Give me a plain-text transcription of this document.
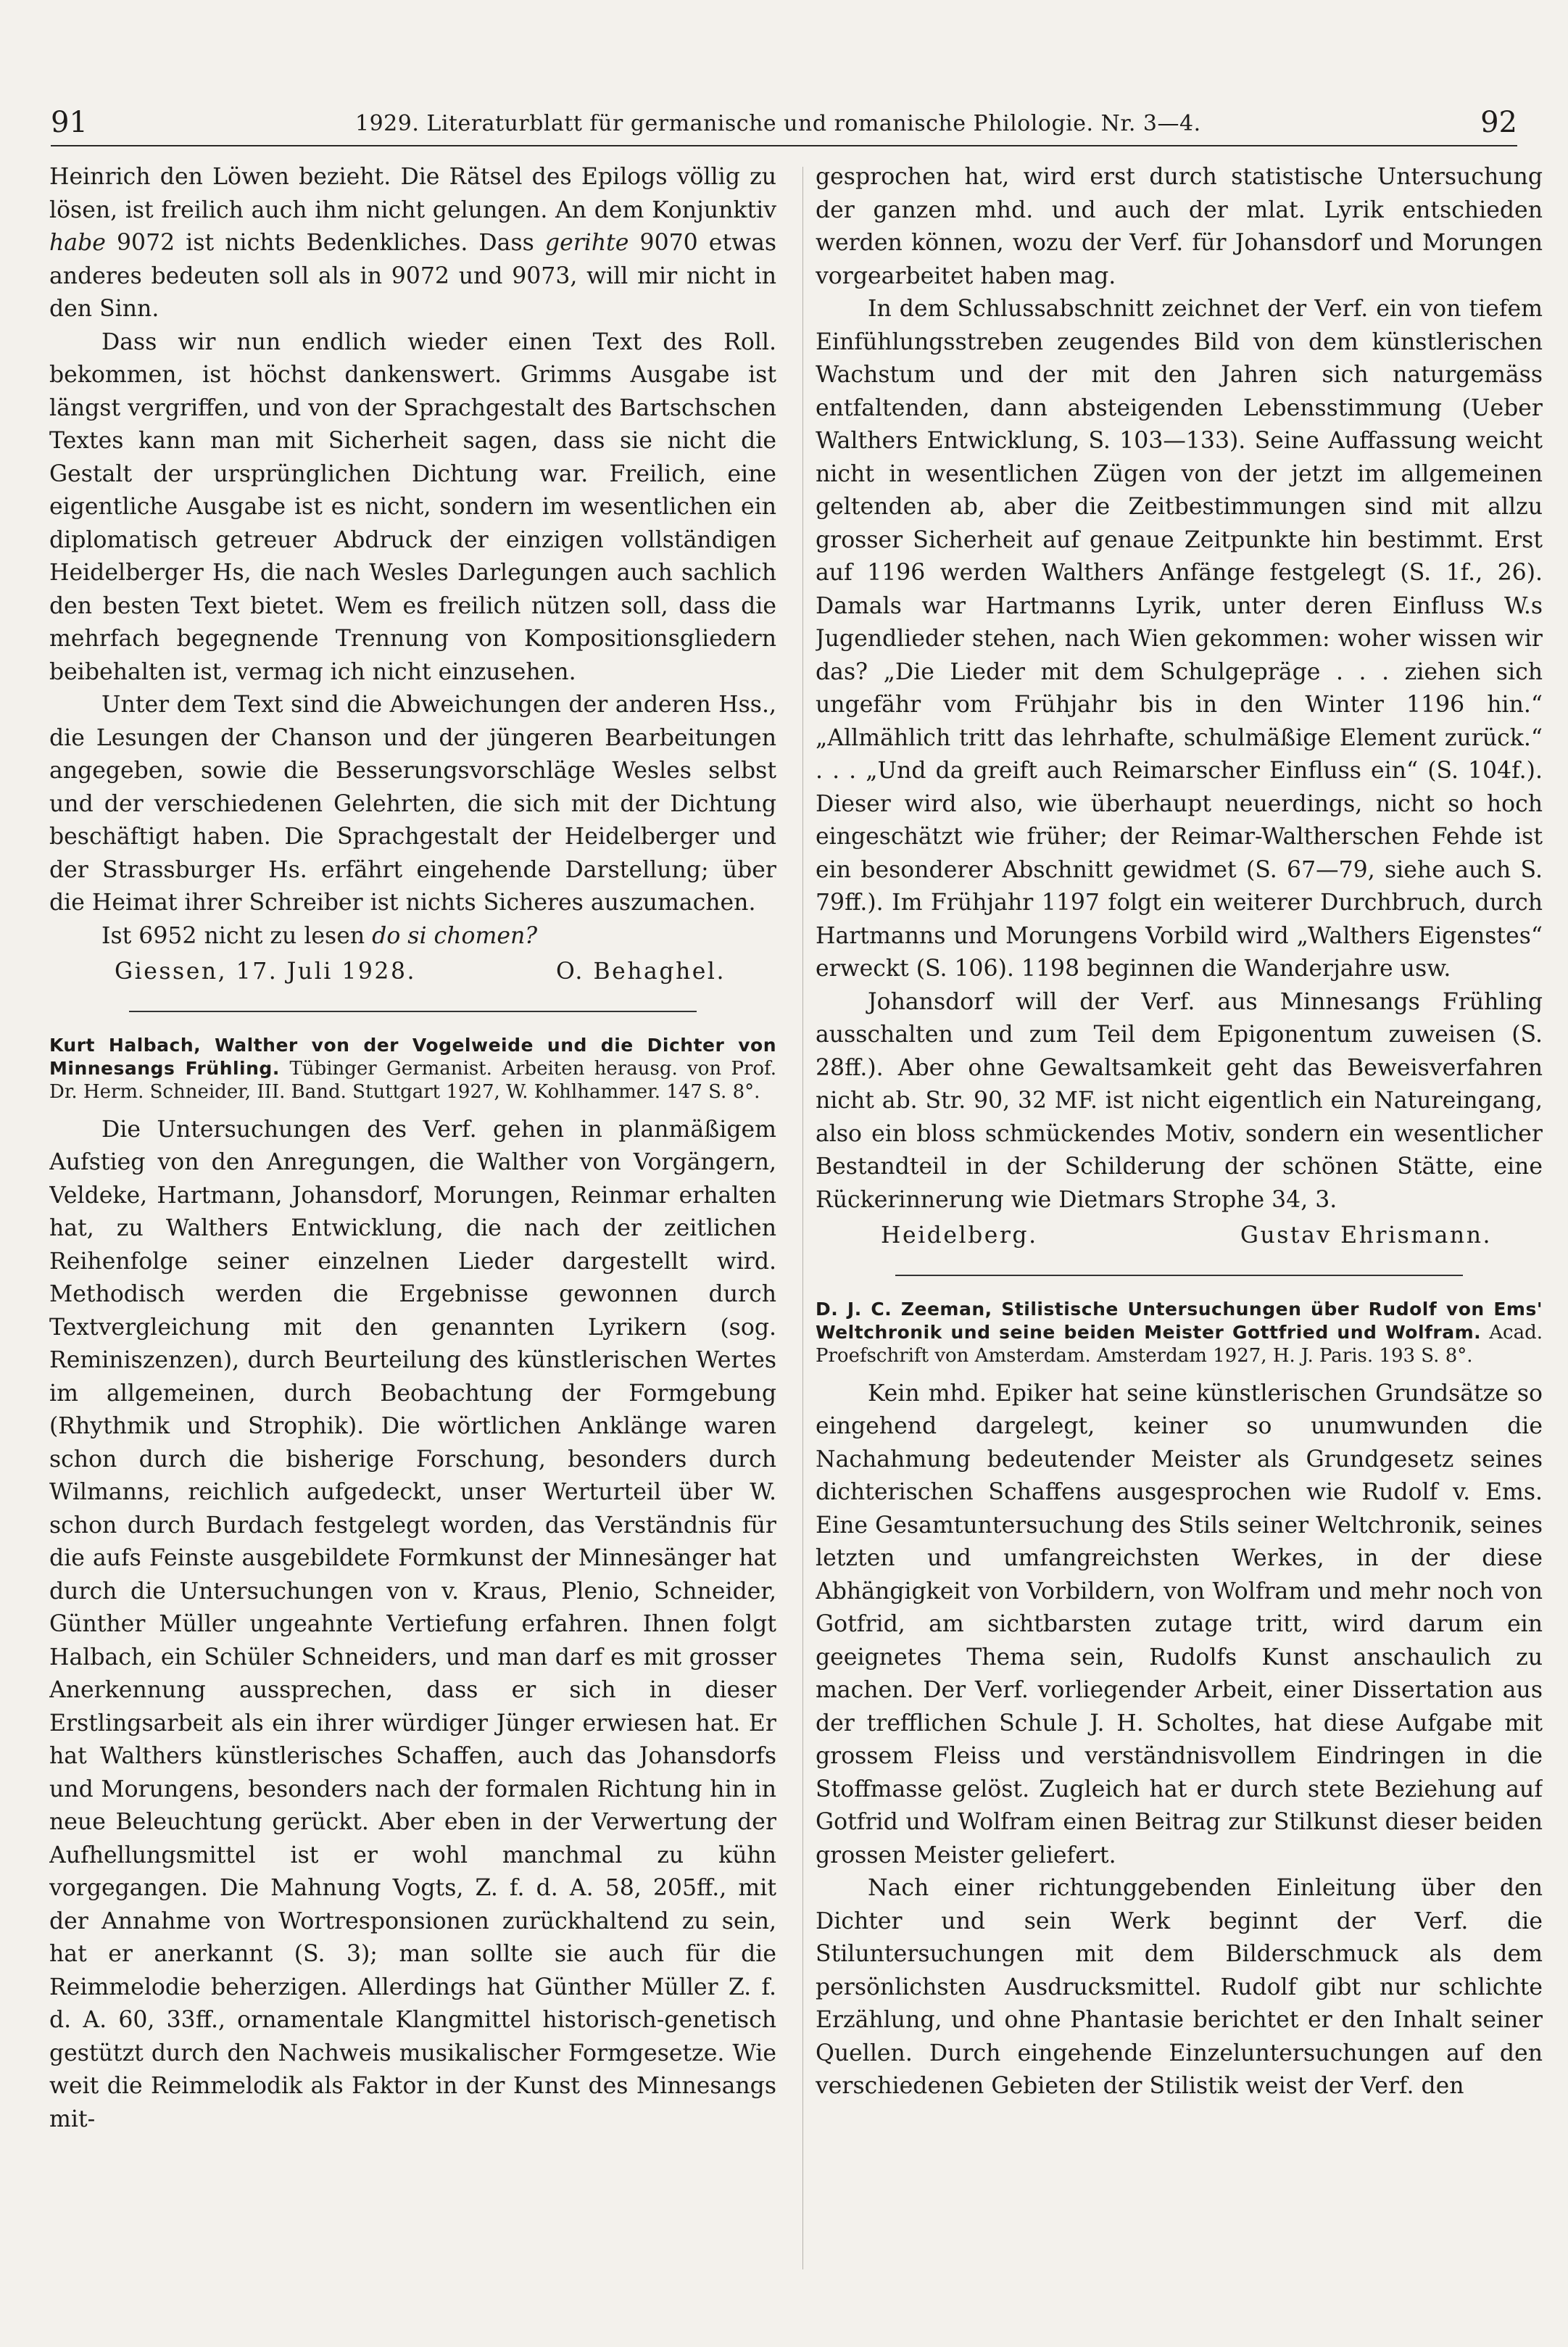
91	1929. Literaturblatt für germanische und romanische Philologie. Nr. 3—4.	92

Heinrich den Löwen bezieht. Die Rätsel des Epilogs völlig zu lösen, ist freilich auch ihm nicht gelungen. An dem Konjunktiv habe 9072 ist nichts Bedenkliches. Dass gerihte 9070 etwas anderes bedeuten soll als in 9072 und 9073, will mir nicht in den Sinn.

Dass wir nun endlich wieder einen Text des Roll. bekommen, ist höchst dankenswert. Grimms Ausgabe ist längst vergriffen, und von der Sprachgestalt des Bartschschen Textes kann man mit Sicherheit sagen, dass sie nicht die Gestalt der ursprünglichen Dichtung war. Freilich, eine eigentliche Ausgabe ist es nicht, sondern im wesentlichen ein diplomatisch getreuer Abdruck der einzigen vollständigen Heidelberger Hs, die nach Wesles Darlegungen auch sachlich den besten Text bietet. Wem es freilich nützen soll, dass die mehrfach begegnende Trennung von Kompositionsgliedern beibehalten ist, vermag ich nicht einzusehen.

Unter dem Text sind die Abweichungen der anderen Hss., die Lesungen der Chanson und der jüngeren Bearbeitungen angegeben, sowie die Besserungsvorschläge Wesles selbst und der verschiedenen Gelehrten, die sich mit der Dichtung beschäftigt haben. Die Sprachgestalt der Heidelberger und der Strassburger Hs. erfährt eingehende Darstellung; über die Heimat ihrer Schreiber ist nichts Sicheres auszumachen.

Ist 6952 nicht zu lesen do si chomen?

Giessen, 17. Juli 1928.	O. Behaghel.

Kurt Halbach, Walther von der Vogelweide und die Dichter von Minnesangs Frühling. Tübinger Germanist. Arbeiten herausg. von Prof. Dr. Herm. Schneider, III. Band. Stuttgart 1927, W. Kohlhammer. 147 S. 8°.

Die Untersuchungen des Verf. gehen in planmäßigem Aufstieg von den Anregungen, die Walther von Vorgängern, Veldeke, Hartmann, Johansdorf, Morungen, Reinmar erhalten hat, zu Walthers Entwicklung, die nach der zeitlichen Reihenfolge seiner einzelnen Lieder dargestellt wird. Methodisch werden die Ergebnisse gewonnen durch Textvergleichung mit den genannten Lyrikern (sog. Reminiszenzen), durch Beurteilung des künstlerischen Wertes im allgemeinen, durch Beobachtung der Formgebung (Rhythmik und Strophik). Die wörtlichen Anklänge waren schon durch die bisherige Forschung, besonders durch Wilmanns, reichlich aufgedeckt, unser Werturteil über W. schon durch Burdach festgelegt worden, das Verständnis für die aufs Feinste ausgebildete Formkunst der Minnesänger hat durch die Untersuchungen von v. Kraus, Plenio, Schneider, Günther Müller ungeahnte Vertiefung erfahren. Ihnen folgt Halbach, ein Schüler Schneiders, und man darf es mit grosser Anerkennung aussprechen, dass er sich in dieser Erstlingsarbeit als ein ihrer würdiger Jünger erwiesen hat. Er hat Walthers künstlerisches Schaffen, auch das Johansdorfs und Morungens, besonders nach der formalen Richtung hin in neue Beleuchtung gerückt. Aber eben in der Verwertung der Aufhellungsmittel ist er wohl manchmal zu kühn vorgegangen. Die Mahnung Vogts, Z. f. d. A. 58, 205ff., mit der Annahme von Wortresponsionen zurückhaltend zu sein, hat er anerkannt (S. 3); man sollte sie auch für die Reimmelodie beherzigen. Allerdings hat Günther Müller Z. f. d. A. 60, 33ff., ornamentale Klangmittel historisch-genetisch gestützt durch den Nachweis musikalischer Formgesetze. Wie weit die Reimmelodik als Faktor in der Kunst des Minnesangs mit-

gesprochen hat, wird erst durch statistische Untersuchung der ganzen mhd. und auch der mlat. Lyrik entschieden werden können, wozu der Verf. für Johansdorf und Morungen vorgearbeitet haben mag.

In dem Schlussabschnitt zeichnet der Verf. ein von tiefem Einfühlungsstreben zeugendes Bild von dem künstlerischen Wachstum und der mit den Jahren sich naturgemäss entfaltenden, dann absteigenden Lebensstimmung (Ueber Walthers Entwicklung, S. 103—133). Seine Auffassung weicht nicht in wesentlichen Zügen von der jetzt im allgemeinen geltenden ab, aber die Zeitbestimmungen sind mit allzu grosser Sicherheit auf genaue Zeitpunkte hin bestimmt. Erst auf 1196 werden Walthers Anfänge festgelegt (S. 1f., 26). Damals war Hartmanns Lyrik, unter deren Einfluss W.s Jugendlieder stehen, nach Wien gekommen: woher wissen wir das? „Die Lieder mit dem Schulgepräge . . . ziehen sich ungefähr vom Frühjahr bis in den Winter 1196 hin.“ „Allmählich tritt das lehrhafte, schulmäßige Element zurück.“ . . . „Und da greift auch Reimarscher Einfluss ein“ (S. 104f.). Dieser wird also, wie überhaupt neuerdings, nicht so hoch eingeschätzt wie früher; der Reimar-Waltherschen Fehde ist ein besonderer Abschnitt gewidmet (S. 67—79, siehe auch S. 79ff.). Im Frühjahr 1197 folgt ein weiterer Durchbruch, durch Hartmanns und Morungens Vorbild wird „Walthers Eigenstes“ erweckt (S. 106). 1198 beginnen die Wanderjahre usw.

Johansdorf will der Verf. aus Minnesangs Frühling ausschalten und zum Teil dem Epigonentum zuweisen (S. 28ff.). Aber ohne Gewaltsamkeit geht das Beweisverfahren nicht ab. Str. 90, 32 MF. ist nicht eigentlich ein Natureingang, also ein bloss schmückendes Motiv, sondern ein wesentlicher Bestandteil in der Schilderung der schönen Stätte, eine Rückerinnerung wie Dietmars Strophe 34, 3.

Heidelberg.	Gustav Ehrismann.

D. J. C. Zeeman, Stilistische Untersuchungen über Rudolf von Ems' Weltchronik und seine beiden Meister Gottfried und Wolfram. Acad. Proefschrift von Amsterdam. Amsterdam 1927, H. J. Paris. 193 S. 8°.

Kein mhd. Epiker hat seine künstlerischen Grundsätze so eingehend dargelegt, keiner so unumwunden die Nachahmung bedeutender Meister als Grundgesetz seines dichterischen Schaffens ausgesprochen wie Rudolf v. Ems. Eine Gesamtuntersuchung des Stils seiner Weltchronik, seines letzten und umfangreichsten Werkes, in der diese Abhängigkeit von Vorbildern, von Wolfram und mehr noch von Gotfrid, am sichtbarsten zutage tritt, wird darum ein geeignetes Thema sein, Rudolfs Kunst anschaulich zu machen. Der Verf. vorliegender Arbeit, einer Dissertation aus der trefflichen Schule J. H. Scholtes, hat diese Aufgabe mit grossem Fleiss und verständnisvollem Eindringen in die Stoffmasse gelöst. Zugleich hat er durch stete Beziehung auf Gotfrid und Wolfram einen Beitrag zur Stilkunst dieser beiden grossen Meister geliefert.

Nach einer richtunggebenden Einleitung über den Dichter und sein Werk beginnt der Verf. die Stiluntersuchungen mit dem Bilderschmuck als dem persönlichsten Ausdrucksmittel. Rudolf gibt nur schlichte Erzählung, und ohne Phantasie berichtet er den Inhalt seiner Quellen. Durch eingehende Einzeluntersuchungen auf den verschiedenen Gebieten der Stilistik weist der Verf. den
